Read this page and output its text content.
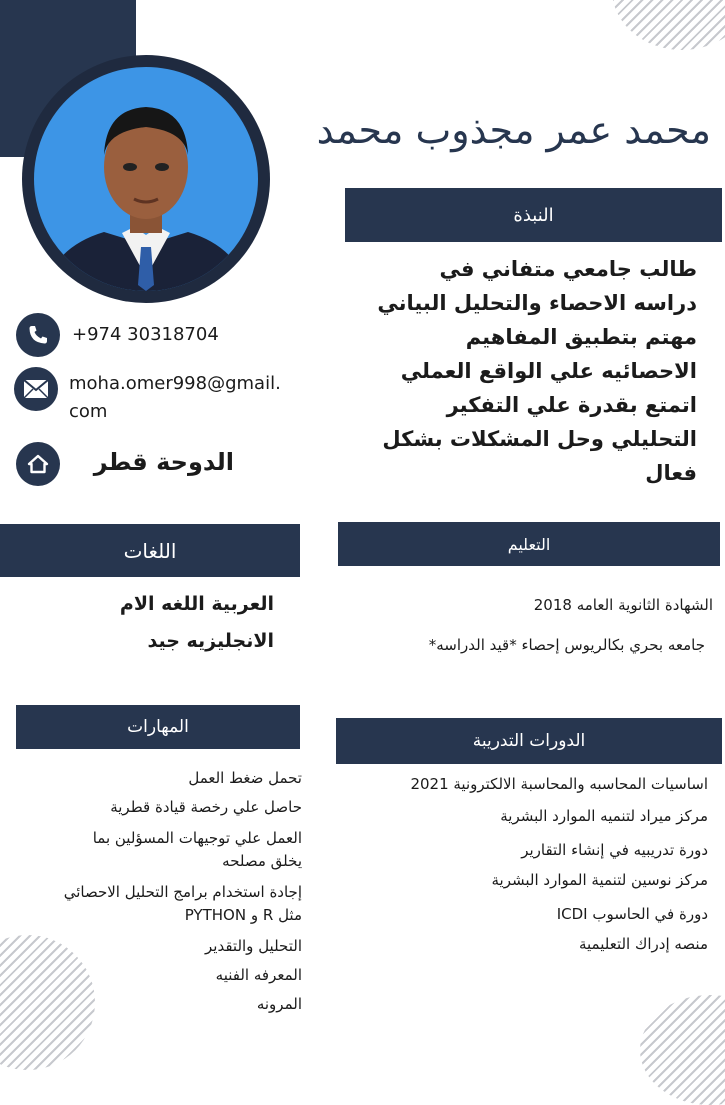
محمد عمر مجذوب محمد
النبذة
طالب جامعي متفاني في
دراسه الاحصاء والتحليل البياني
مهتم بتطبيق المفاهيم
الاحصائيه علي الواقع العملي
اتمتع بقدرة علي التفكير
التحليلي وحل المشكلات بشكل
فعال
+974 30318704
moha.omer998@gmail.
com
الدوحة قطر
اللغات
العربية اللغه الام
الانجليزيه جيد
التعليم
الشهادة الثانوية العامه 2018
جامعه بحري بكالريوس إحصاء *قيد الدراسه*
المهارات
تحمل ضغط العمل
حاصل علي رخصة قيادة قطرية
العمل علي توجيهات المسؤلين بما
يخلق مصلحه
إجادة استخدام برامج التحليل الاحصائي
مثل R و PYTHON
التحليل والتقدير
المعرفه الفنيه
المرونه
الدورات التدريبة
اساسيات المحاسبه والمحاسبة الالكترونية 2021
مركز ميراد لتنميه الموارد البشرية
دورة تدريبيه في إنشاء التقارير
مركز نوسين لتنمية الموارد البشرية
دورة في الحاسوب ICDI
منصه إدراك التعليمية
